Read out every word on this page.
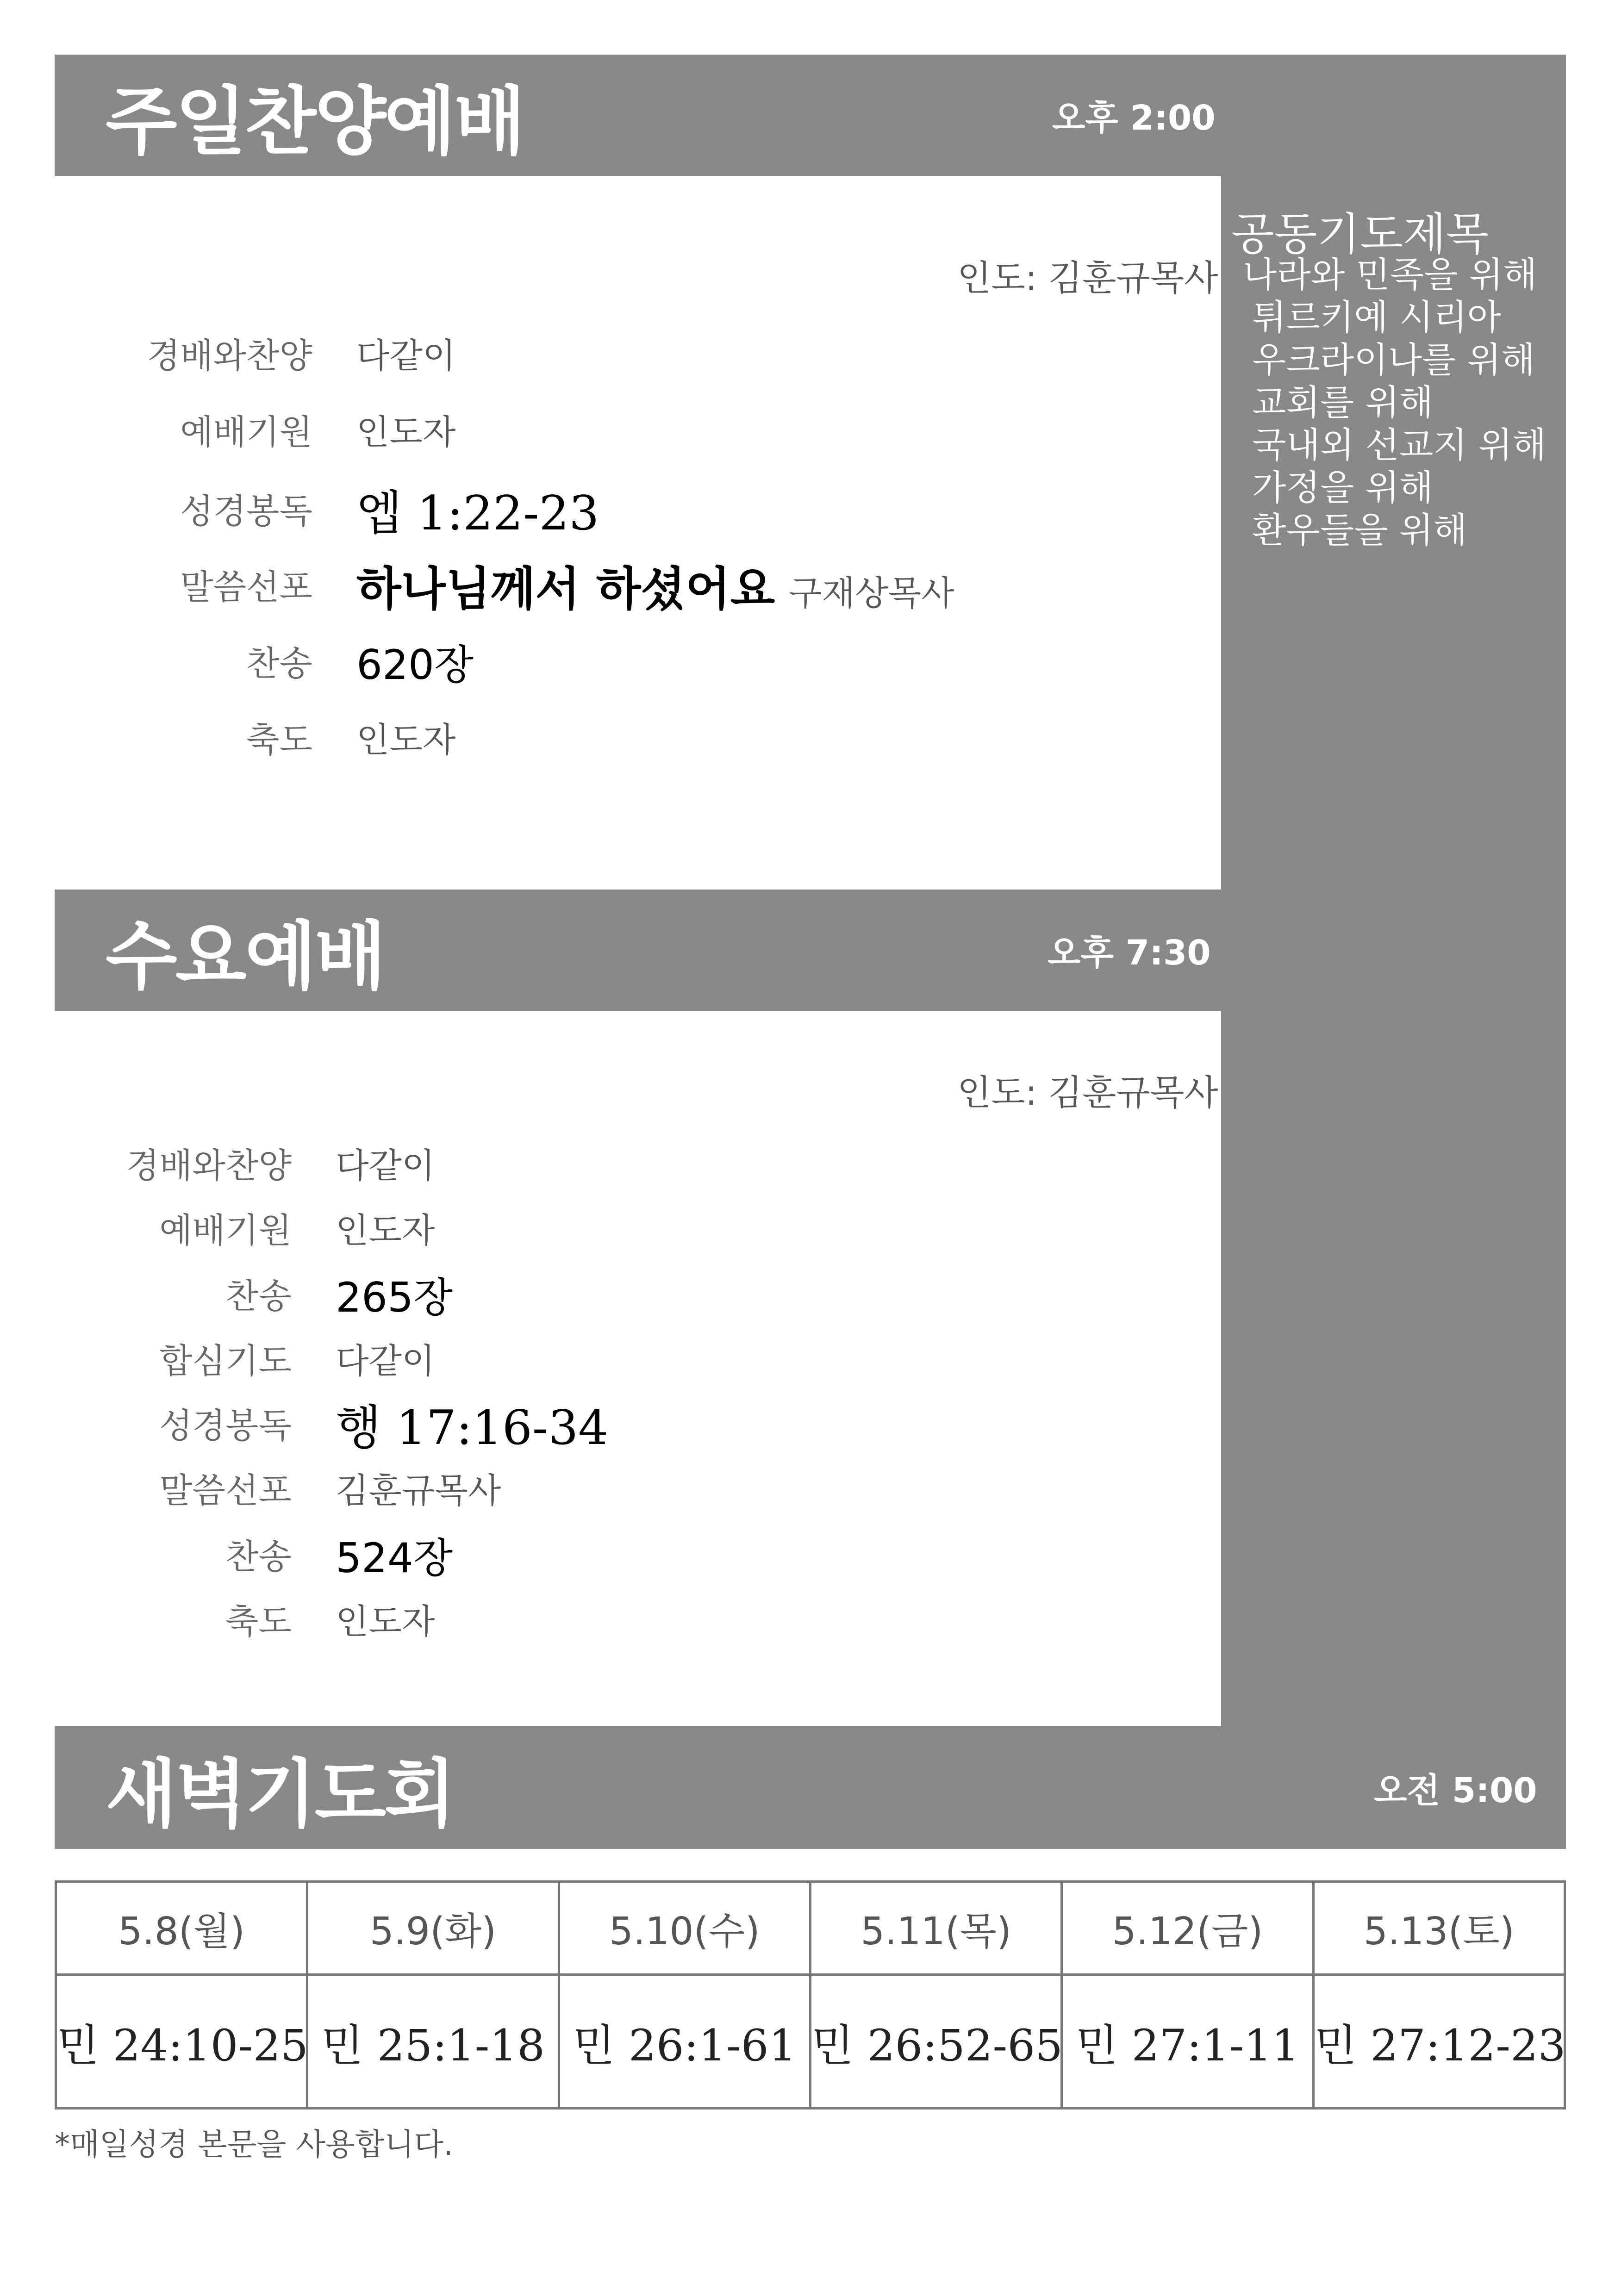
주일찬양예배	오후 2:00
공동기도제목
나라와 민족을 위해
튀르키예 시리아
우크라이나를 위해
교회를 위해
국내외 선교지 위해
가정을 위해
환우들을 위해
인도: 김훈규목사
경배와찬양 다같이
예배기원 인도자
성경봉독 엡 1:22-23
말씀선포 하나님께서 하셨어요 구재상목사
찬송 620장
축도 인도자
수요예배	오후 7:30
인도: 김훈규목사
경배와찬양 다같이
예배기원 인도자
찬송 265장
합심기도 다같이
성경봉독 행 17:16-34
말씀선포 김훈규목사
찬송 524장
축도 인도자
새벽기도회	오전 5:00
5.8(월)	5.9(화)	5.10(수)	5.11(목)	5.12(금)	5.13(토)
민 24:10-25	민 25:1-18	민 26:1-61	민 26:52-65	민 27:1-11	민 27:12-23
*매일성경 본문을 사용합니다.
